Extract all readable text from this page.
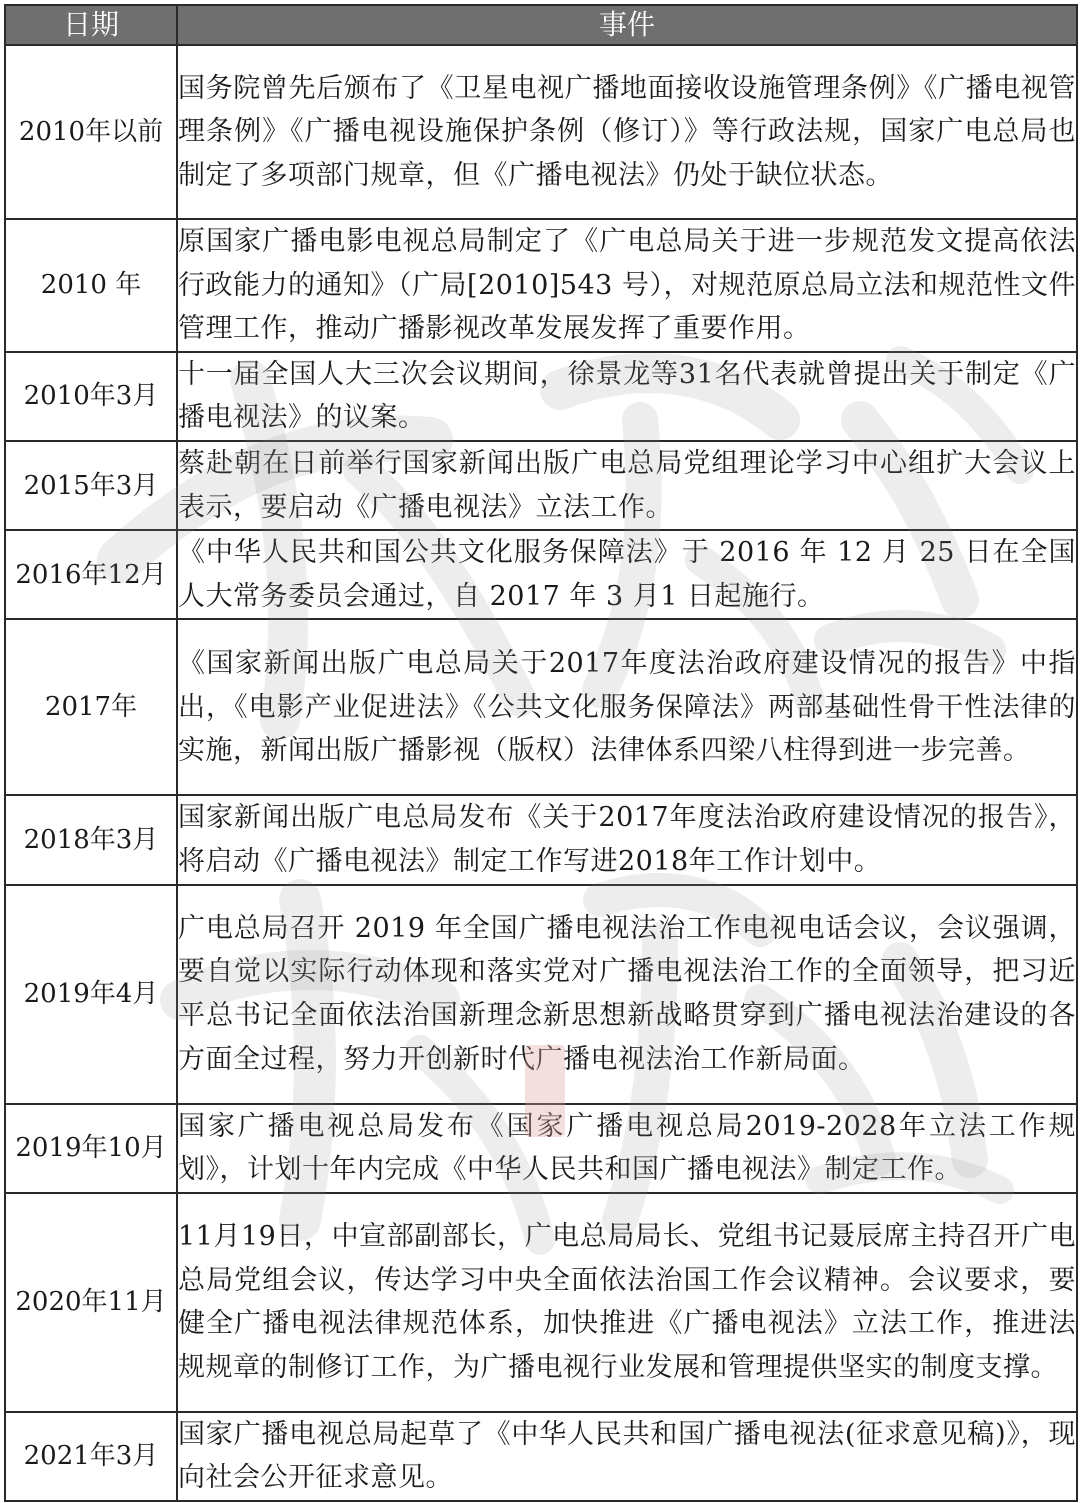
日期	事件
2010年以前	国务院曾先后颁布了《卫星电视广播地面接收设施管理条例》《广播电视管理条例》《广播电视设施保护条例（修订）》等行政法规，国家广电总局也制定了多项部门规章，但《广播电视法》仍处于缺位状态。
2010 年	原国家广播电影电视总局制定了《广电总局关于进一步规范发文提高依法行政能力的通知》（广局[2010]543 号），对规范原总局立法和规范性文件管理工作，推动广播影视改革发展发挥了重要作用。
2010年3月	十一届全国人大三次会议期间，徐景龙等31名代表就曾提出关于制定《广播电视法》的议案。
2015年3月	蔡赴朝在日前举行国家新闻出版广电总局党组理论学习中心组扩大会议上表示，要启动《广播电视法》立法工作。
2016年12月	《中华人民共和国公共文化服务保障法》于 2016 年 12 月 25 日在全国人大常务委员会通过，自 2017 年 3 月1 日起施行。
2017年	《国家新闻出版广电总局关于2017年度法治政府建设情况的报告》中指出，《电影产业促进法》《公共文化服务保障法》两部基础性骨干性法律的实施，新闻出版广播影视（版权）法律体系四梁八柱得到进一步完善。
2018年3月	国家新闻出版广电总局发布《关于2017年度法治政府建设情况的报告》，将启动《广播电视法》制定工作写进2018年工作计划中。
2019年4月	广电总局召开 2019 年全国广播电视法治工作电视电话会议，会议强调，要自觉以实际行动体现和落实党对广播电视法治工作的全面领导，把习近平总书记全面依法治国新理念新思想新战略贯穿到广播电视法治建设的各方面全过程，努力开创新时代广播电视法治工作新局面。
2019年10月	国家广播电视总局发布《国家广播电视总局2019-2028年立法工作规划》，计划十年内完成《中华人民共和国广播电视法》制定工作。
2020年11月	11月19日，中宣部副部长，广电总局局长、党组书记聂辰席主持召开广电总局党组会议，传达学习中央全面依法治国工作会议精神。会议要求，要健全广播电视法律规范体系，加快推进《广播电视法》立法工作，推进法规规章的制修订工作，为广播电视行业发展和管理提供坚实的制度支撑。
2021年3月	国家广播电视总局起草了《中华人民共和国广播电视法(征求意见稿)》，现向社会公开征求意见。
